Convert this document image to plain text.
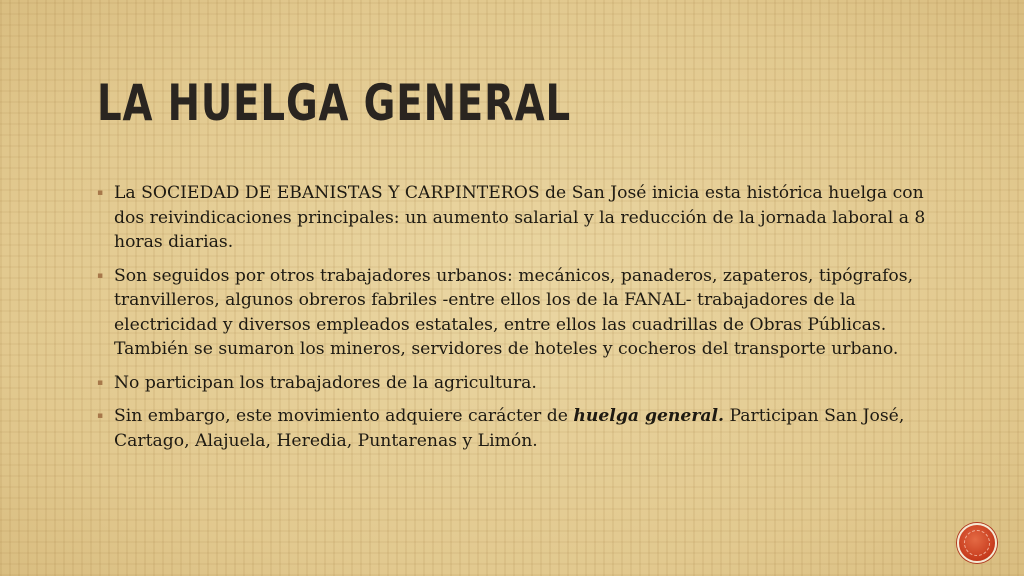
LA HUELGA GENERAL
▪ La SOCIEDAD DE EBANISTAS Y CARPINTEROS de San José inicia esta histórica huelga con dos reivindicaciones principales: un aumento salarial y la reducción de la jornada laboral a 8 horas diarias.
▪ Son seguidos por otros trabajadores urbanos: mecánicos, panaderos, zapateros, tipógrafos, tranvilleros, algunos obreros fabriles -entre ellos los de la FANAL- trabajadores de la electricidad y diversos empleados estatales, entre ellos las cuadrillas de Obras Públicas. También se sumaron los mineros, servidores de hoteles y cocheros del transporte urbano.
▪ No participan los trabajadores de la agricultura.
▪ Sin embargo, este movimiento adquiere carácter de huelga general. Participan San José, Cartago, Alajuela, Heredia, Puntarenas y Limón.
